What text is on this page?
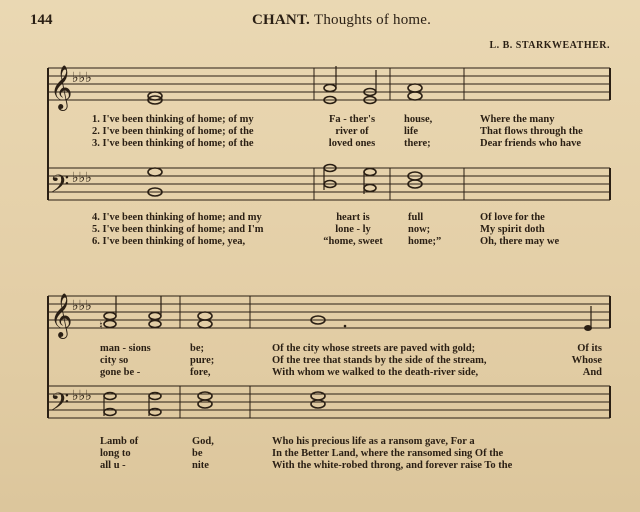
144	CHANT. Thoughts of home.
L. B. STARKWEATHER.
𝄞
𝄢
𝄞
𝄢
♭♭♭
♭♭♭
♭♭♭
♭♭♭
♮
1. I've been thinking of home; of my
2. I've been thinking of home; of the
3. I've been thinking of home; of the
Fa - ther's
river of
loved ones
house,
life
there;
Where the many
That flows through the
Dear friends who have
4. I've been thinking of home; and my
5. I've been thinking of home; and I'm
6. I've been thinking of home, yea,
heart is
lone - ly
“home, sweet
full
now;
home;”
Of love for the
My spirit doth
Oh, there may we
man - sions
city so
gone be -
be;
pure;
fore,
Of the city whose streets are paved with gold;
Of the tree that stands by the side of the stream,
With whom we walked to the death-river side,
Of its
Whose
And
Lamb of
long to
all u -
God,
be
nite
Who his precious life as a ransom gave, For a
In the Better Land, where the ransomed sing Of the
With the white-robed throng, and forever raise To the
